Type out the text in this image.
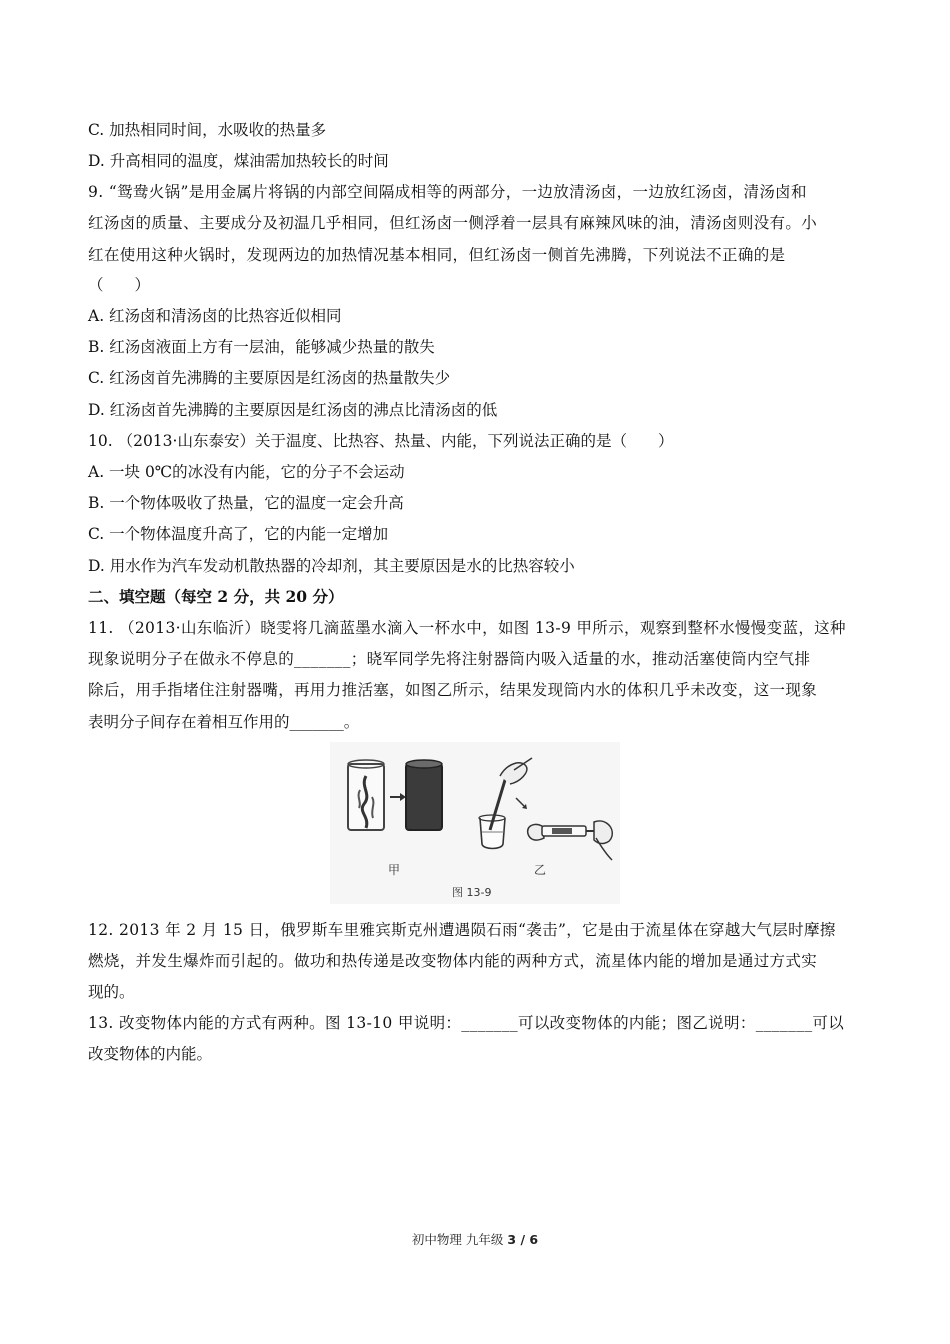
C. 加热相同时间，水吸收的热量多
D. 升高相同的温度，煤油需加热较长的时间
9. “鸳鸯火锅”是用金属片将锅的内部空间隔成相等的两部分，一边放清汤卤，一边放红汤卤，清汤卤和
红汤卤的质量、主要成分及初温几乎相同，但红汤卤一侧浮着一层具有麻辣风味的油，清汤卤则没有。小
红在使用这种火锅时，发现两边的加热情况基本相同，但红汤卤一侧首先沸腾，下列说法不正确的是
（　　）
A. 红汤卤和清汤卤的比热容近似相同
B. 红汤卤液面上方有一层油，能够减少热量的散失
C. 红汤卤首先沸腾的主要原因是红汤卤的热量散失少
D. 红汤卤首先沸腾的主要原因是红汤卤的沸点比清汤卤的低
10. （2013·山东泰安）关于温度、比热容、热量、内能，下列说法正确的是（　　）
A. 一块 0℃的冰没有内能，它的分子不会运动
B. 一个物体吸收了热量，它的温度一定会升高
C. 一个物体温度升高了，它的内能一定增加
D. 用水作为汽车发动机散热器的冷却剂，其主要原因是水的比热容较小
二、填空题（每空 2 分，共 20 分）
11. （2013·山东临沂）晓雯将几滴蓝墨水滴入一杯水中，如图 13-9 甲所示，观察到整杯水慢慢变蓝，这种
现象说明分子在做永不停息的_______；晓军同学先将注射器筒内吸入适量的水，推动活塞使筒内空气排
除后，用手指堵住注射器嘴，再用力推活塞，如图乙所示，结果发现筒内水的体积几乎未改变，这一现象
表明分子间存在着相互作用的_______。
甲	乙
图 13-9
12. 2013 年 2 月 15 日，俄罗斯车里雅宾斯克州遭遇陨石雨“袭击”，它是由于流星体在穿越大气层时摩擦
燃烧，并发生爆炸而引起的。做功和热传递是改变物体内能的两种方式，流星体内能的增加是通过方式实
现的。
13. 改变物体内能的方式有两种。图 13-10 甲说明：_______可以改变物体的内能；图乙说明：_______可以
改变物体的内能。
初中物理 九年级 3 / 6
